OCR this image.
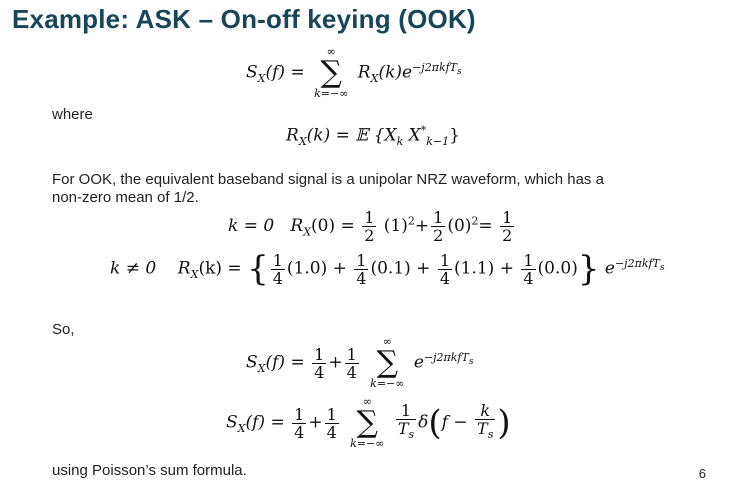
Example: ASK – On-off keying (OOK)
$S_X(f)$ =
∞
∑
k=−∞
$R_X(k)e^{-j2\pi kfT_s}$
where
$R_X(k)$ = 𝔼 {$X_k$ $X^*_{k-1}$}
For OOK, the equivalent baseband signal is a unipolar NRZ waveform, which has a
non-zero mean of 1/2.
k = 0 $R_X(0) = \frac{1}{2} (1)^2+ \frac{1}{2} (0)^2= \frac{1}{2}$
k ≠ 0 $R_X(k)$ = { $\frac{1}{4} (1.0) + \frac{1}{4} (0.1) + \frac{1}{4} (1.1) + \frac{1}{4} (0.0)$} $e^{-j2\pi kfT_s}$
So,
$S_X(f) = \frac{1}{4} + \frac{1}{4}$

∞
∑
k=−∞
$e^{-j2\pi kfT_s}$
$S_X(f) = \frac{1}{4} + \frac{1}{4}$

∞
∑
k=−∞
$\frac{1}{T_s} \delta(f - \frac{k}{T_s}$ )
using Poisson’s sum formula.	6
